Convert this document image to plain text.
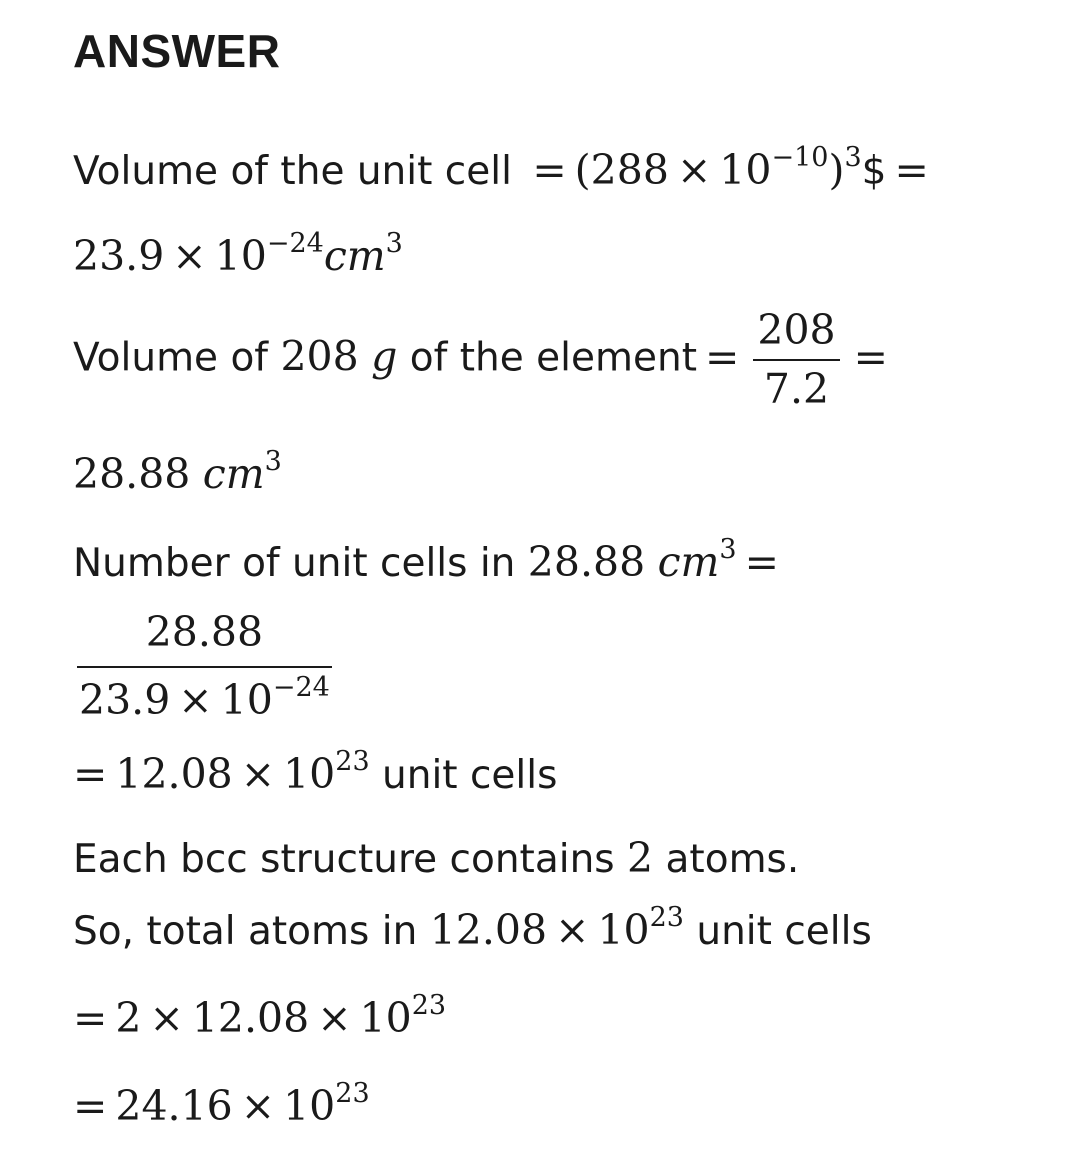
ANSWER
Volume of the unit cell = $(288 \times 10^{-10})^3\$$ =
$23.9 \times 10^{-24}cm^3$
Volume of 208 g of the element = $\frac{208}{7.2}$ =
28.88 $cm^3$
Number of unit cells in 28.88 $cm^3$ =
$\frac{28.88}{23.9 \times 10^{-24}}$
= $12.08 \times 10^{23}$ unit cells
Each bcc structure contains 2 atoms.
So, total atoms in $12.08 \times 10^{23}$ unit cells
= $2 \times 12.08 \times 10^{23}$
= $24.16 \times 10^{23}$
